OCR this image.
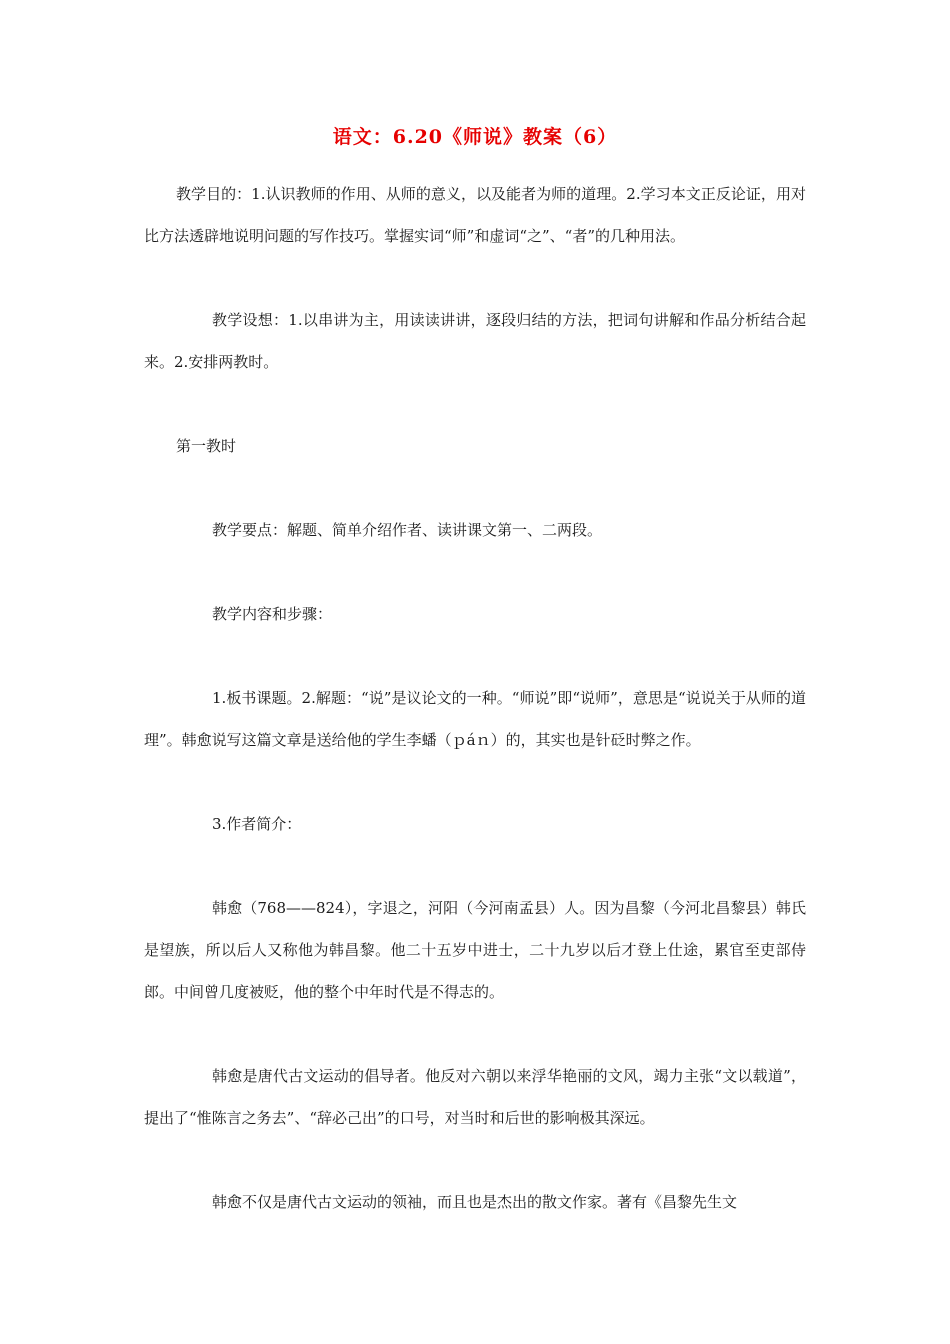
语文：6.20《师说》教案（6）

教学目的：1.认识教师的作用、从师的意义，以及能者为师的道理。2.学习本文正反论证，用对比方法透辟地说明问题的写作技巧。掌握实词“师”和虚词“之”、“者”的几种用法。

教学设想：1.以串讲为主，用读读讲讲，逐段归结的方法，把词句讲解和作品分析结合起来。2.安排两教时。

第一教时

教学要点：解题、简单介绍作者、读讲课文第一、二两段。

教学内容和步骤：

1.板书课题。2.解题：“说”是议论文的一种。“师说”即“说师”，意思是“说说关于从师的道理”。韩愈说写这篇文章是送给他的学生李蟠（ｐáｎ）的，其实也是针砭时弊之作。

3.作者简介：

韩愈（768——824），字退之，河阳（今河南孟县）人。因为昌黎（今河北昌黎县）韩氏是望族，所以后人又称他为韩昌黎。他二十五岁中进士，二十九岁以后才登上仕途，累官至吏部侍郎。中间曾几度被贬，他的整个中年时代是不得志的。

韩愈是唐代古文运动的倡导者。他反对六朝以来浮华艳丽的文风，竭力主张“文以载道”，提出了“惟陈言之务去”、“辞必己出”的口号，对当时和后世的影响极其深远。

韩愈不仅是唐代古文运动的领袖，而且也是杰出的散文作家。著有《昌黎先生文
